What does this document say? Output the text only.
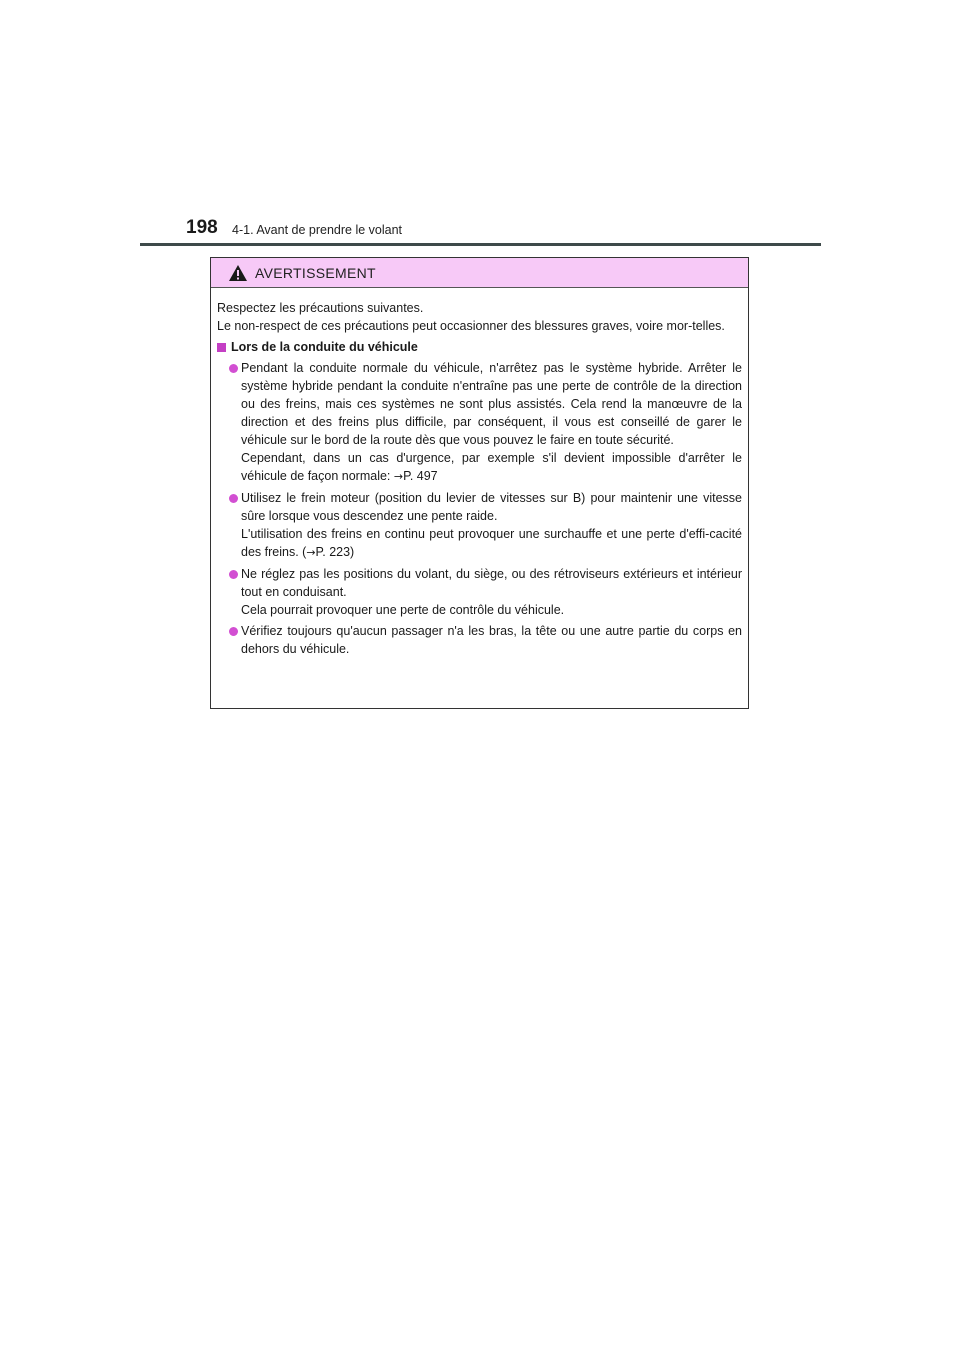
198 4-1. Avant de prendre le volant
AVERTISSEMENT

Respectez les précautions suivantes.

Le non-respect de ces précautions peut occasionner des blessures graves, voire mor-telles.

Lors de la conduite du véhicule

Pendant la conduite normale du véhicule, n'arrêtez pas le système hybride. Arrêter le système hybride pendant la conduite n'entraîne pas une perte de contrôle de la direction ou des freins, mais ces systèmes ne sont plus assistés. Cela rend la manœuvre de la direction et des freins plus difficile, par conséquent, il vous est conseillé de garer le véhicule sur le bord de la route dès que vous pouvez le faire en toute sécurité.

Cependant, dans un cas d'urgence, par exemple s'il devient impossible d'arrêter le véhicule de façon normale: →P. 497

Utilisez le frein moteur (position du levier de vitesses sur B) pour maintenir une vitesse sûre lorsque vous descendez une pente raide.

L'utilisation des freins en continu peut provoquer une surchauffe et une perte d'effi-cacité des freins. (→P. 223)

Ne réglez pas les positions du volant, du siège, ou des rétroviseurs extérieurs et intérieur tout en conduisant.

Cela pourrait provoquer une perte de contrôle du véhicule.

Vérifiez toujours qu'aucun passager n'a les bras, la tête ou une autre partie du corps en dehors du véhicule.
